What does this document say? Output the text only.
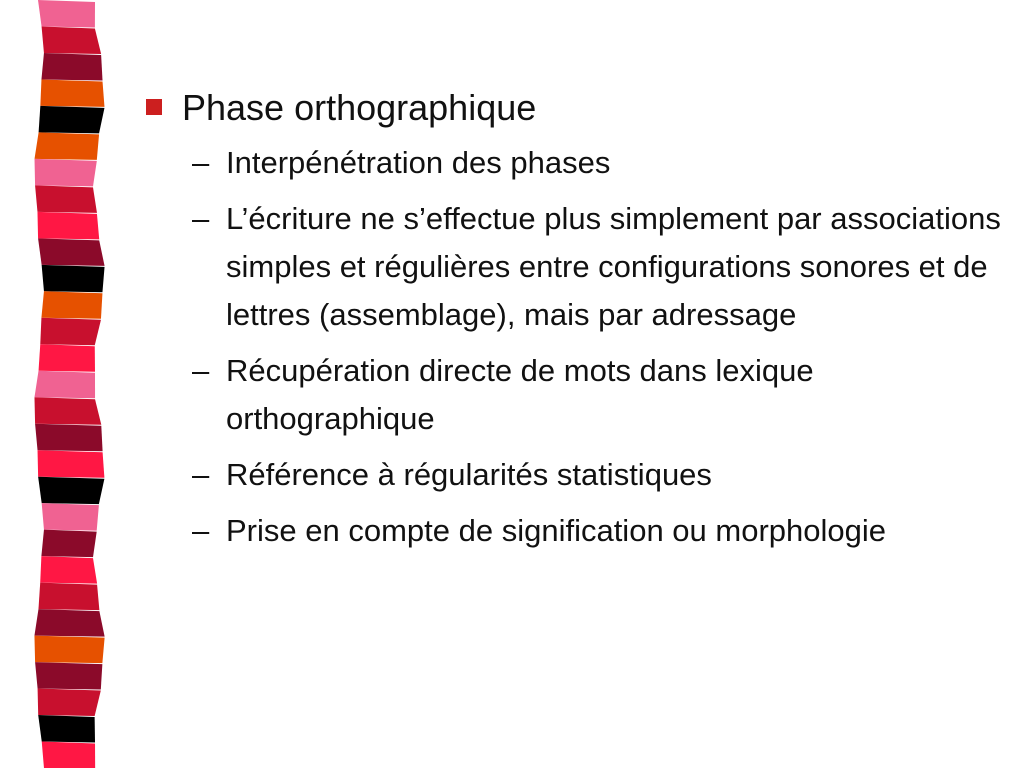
Phase orthographique
– Interpénétration des phases
– L’écriture ne s’effectue plus simplement par associations simples et régulières entre configurations sonores et de lettres (assemblage), mais par adressage
– Récupération directe de mots dans lexique orthographique
– Référence à régularités statistiques
– Prise en compte de signification ou morphologie
